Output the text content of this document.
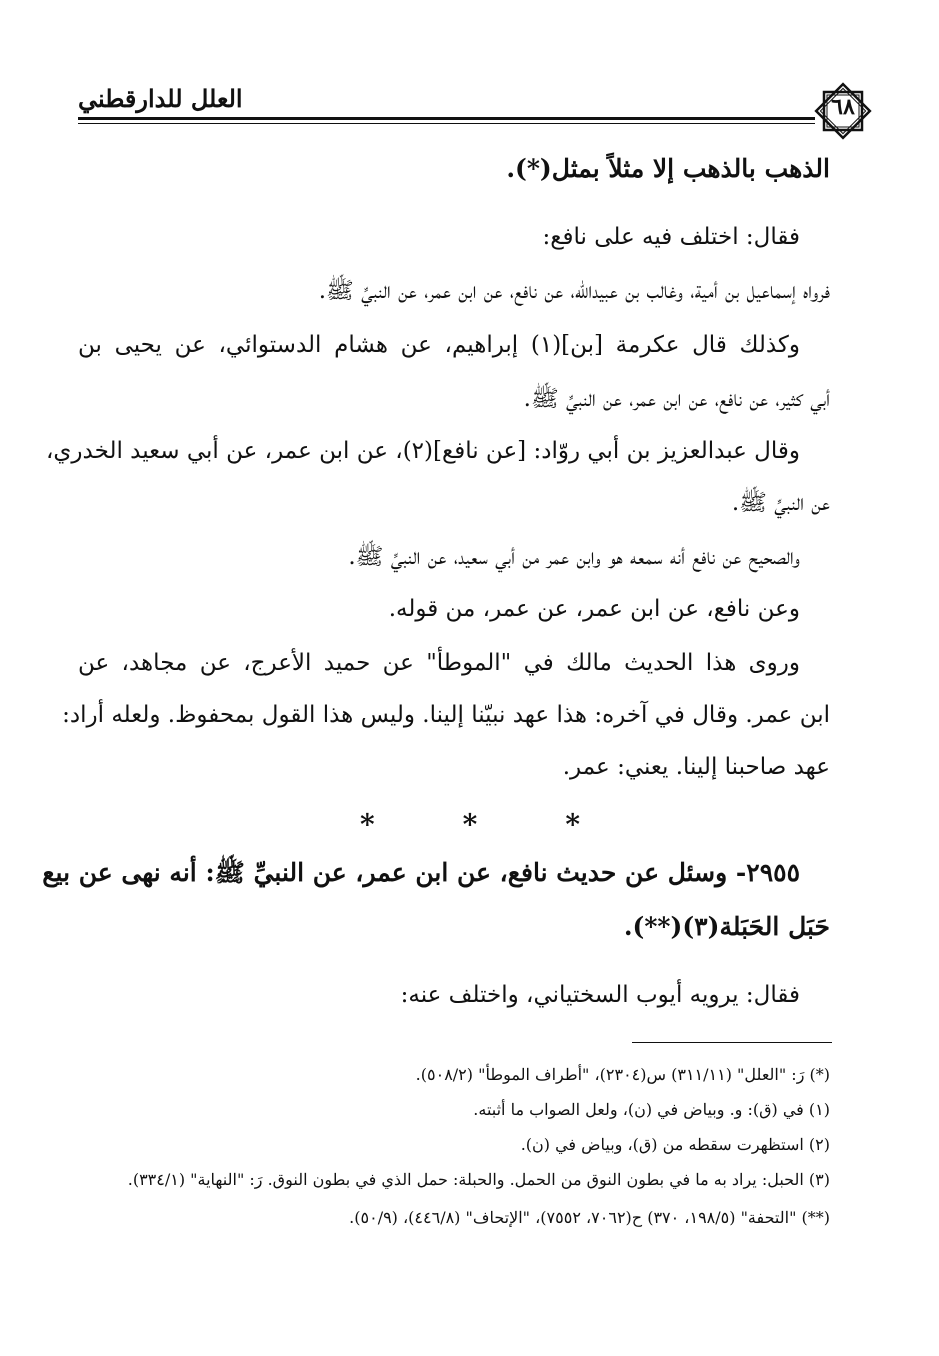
العلل للدارقطني	٦٨
الذهب بالذهب إلا مثلاً بمثل(*).
فقال: اختلف فيه على نافع:
فرواه إسماعيل بن أمية، وغالب بن عبيدالله، عن نافع، عن ابن عمر، عن النبيِّ ﷺ.
وكذلك قال عكرمة [بن](١) إبراهيم، عن هشام الدستوائي، عن يحيى بن
أبي كثير، عن نافع، عن ابن عمر، عن النبيِّ ﷺ.
وقال عبدالعزيز بن أبي روّاد: [عن نافع](٢)، عن ابن عمر، عن أبي سعيد الخدري،
عن النبيِّ ﷺ.
والصحيح عن نافع أنه سمعه هو وابن عمر من أبي سعيد، عن النبيِّ ﷺ.
وعن نافع، عن ابن عمر، عن عمر، من قوله.
وروى هذا الحديث مالك في "الموطأ" عن حميد الأعرج، عن مجاهد، عن
ابن عمر. وقال في آخره: هذا عهد نبيّنا إلينا. وليس هذا القول بمحفوظ. ولعله أراد:
عهد صاحبنا إلينا. يعني: عمر.
*	*	*
٢٩٥٥- وسئل عن حديث نافع، عن ابن عمر، عن النبيِّ ﷺ: أنه نهى عن بيع
حَبَل الحَبَلة(٣)(**).
فقال: يرويه أيوب السختياني، واختلف عنه:
(*) رَ: "العلل" (٣١١/١١) س(٢٣٠٤)، "أطراف الموطأ" (٥٠٨/٢).
(١) في (ق): و. وبياض في (ن)، ولعل الصواب ما أثبته.
(٢) استظهرت سقطه من (ق)، وبياض في (ن).
(٣) الحبل: يراد به ما في بطون النوق من الحمل. والحبلة: حمل الذي في بطون النوق. رَ: "النهاية" (٣٣٤/١).
(**) "التحفة" (١٩٨/٥، ٣٧٠) ح(٧٠٦٢، ٧٥٥٢)، "الإتحاف" (٤٤٦/٨)، (٥٠/٩).
